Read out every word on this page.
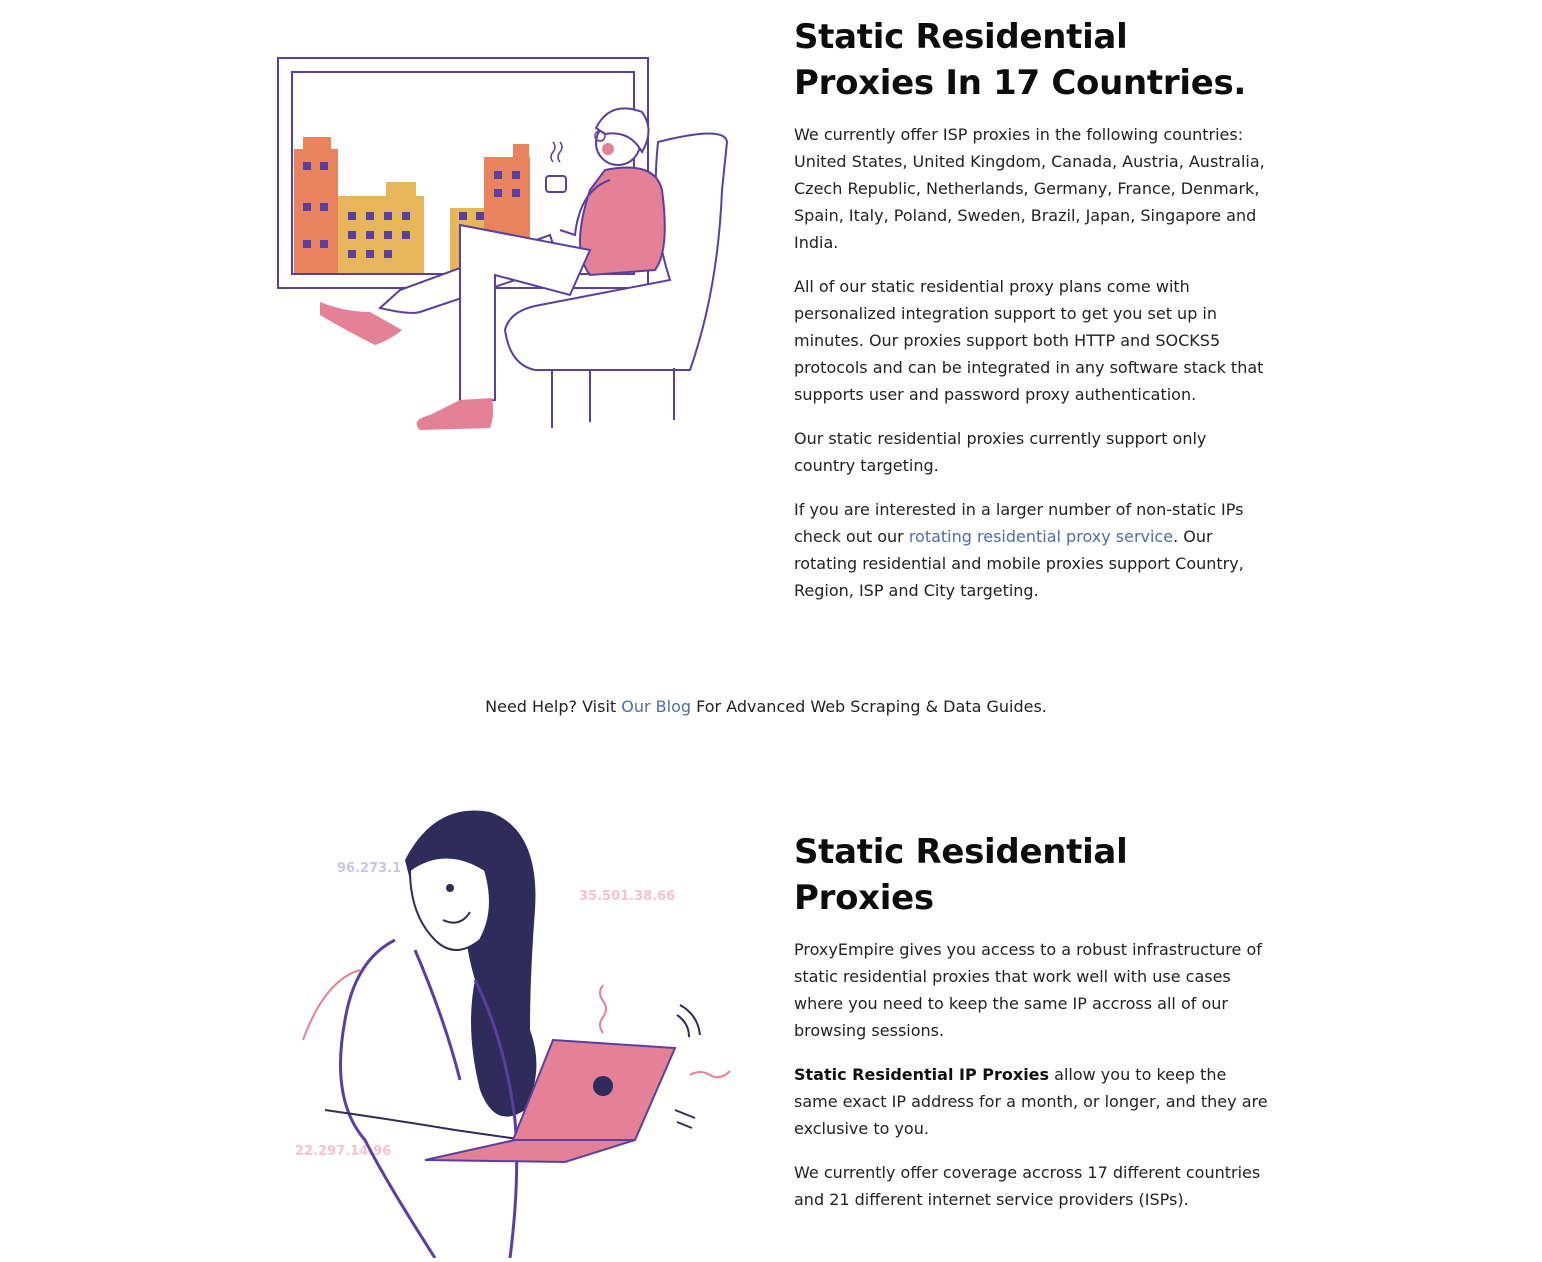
Static Residential
Proxies In 17 Countries.

We currently offer ISP proxies in the following countries: United States, United Kingdom, Canada, Austria, Australia, Czech Republic, Netherlands, Germany, France, Denmark, Spain, Italy, Poland, Sweden, Brazil, Japan, Singapore and India.

All of our static residential proxy plans come with personalized integration support to get you set up in minutes. Our proxies support both HTTP and SOCKS5 protocols and can be integrated in any software stack that supports user and password proxy authentication.

Our static residential proxies currently support only country targeting.

If you are interested in a larger number of non-static IPs check out our rotating residential proxy service. Our rotating residential and mobile proxies support Country, Region, ISP and City targeting.

Need Help? Visit Our Blog For Advanced Web Scraping & Data Guides.
96.273.1
35.501.38.66
22.297.14.96
Static Residential
Proxies

ProxyEmpire gives you access to a robust infrastructure of static residential proxies that work well with use cases where you need to keep the same IP accross all of our browsing sessions.

Static Residential IP Proxies allow you to keep the same exact IP address for a month, or longer, and they are exclusive to you.

We currently offer coverage accross 17 different countries and 21 different internet service providers (ISPs).
